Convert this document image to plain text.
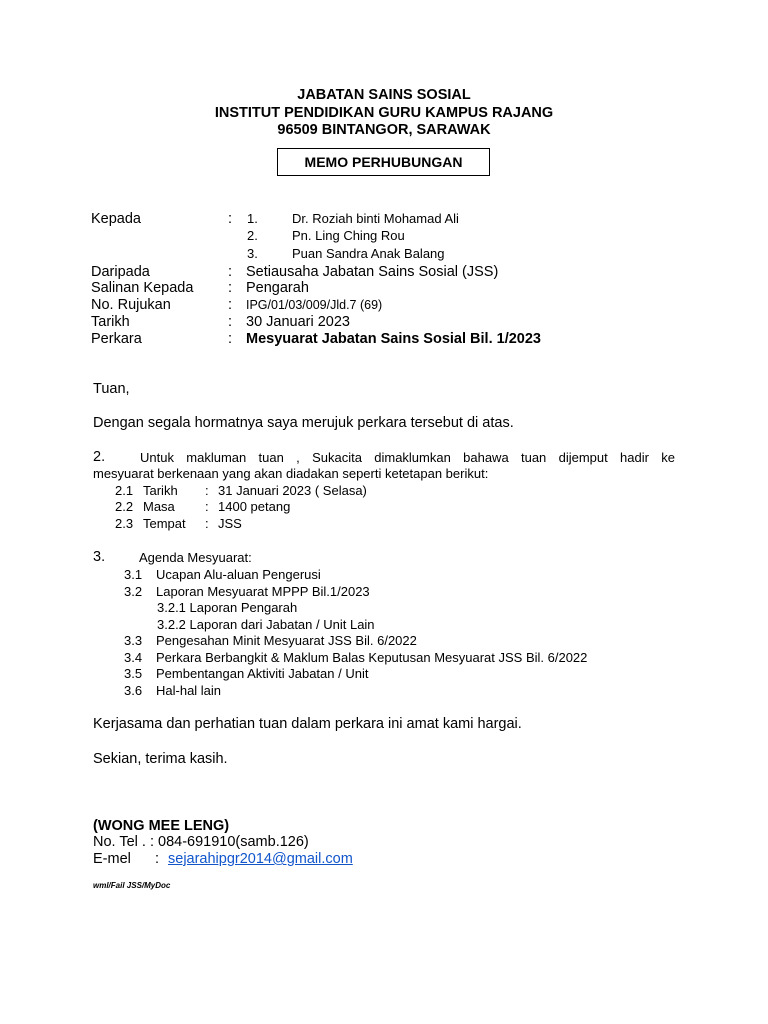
JABATAN SAINS SOSIAL
INSTITUT PENDIDIKAN GURU KAMPUS RAJANG
96509 BINTANGOR, SARAWAK
MEMO PERHUBUNGAN
Kepada	: 1.	Dr. Roziah binti Mohamad Ali
2.	Pn. Ling Ching Rou
3.	Puan Sandra Anak Balang
Daripada	: Setiausaha Jabatan Sains Sosial (JSS)
Salinan Kepada : Pengarah
No. Rujukan	: IPG/01/03/009/Jld.7 (69)
Tarikh	: 30 Januari 2023
Perkara	: Mesyuarat Jabatan Sains Sosial Bil. 1/2023
Tuan,
Dengan segala hormatnya saya merujuk perkara tersebut di atas.
2.	Untuk makluman tuan , Sukacita dimaklumkan bahawa tuan dijemput hadir ke
mesyuarat berkenaan yang akan diadakan seperti ketetapan berikut:
2.1 Tarikh : 31 Januari 2023 ( Selasa)
2.2 Masa : 1400 petang
2.3 Tempat : JSS
3.	Agenda Mesyuarat:
3.1 Ucapan Alu-aluan Pengerusi
3.2 Laporan Mesyuarat MPPP Bil.1/2023
3.2.1 Laporan Pengarah
3.2.2 Laporan dari Jabatan / Unit Lain
3.3 Pengesahan Minit Mesyuarat JSS Bil. 6/2022
3.4 Perkara Berbangkit & Maklum Balas Keputusan Mesyuarat JSS Bil. 6/2022
3.5 Pembentangan Aktiviti Jabatan / Unit
3.6 Hal-hal lain
Kerjasama dan perhatian tuan dalam perkara ini amat kami hargai.
Sekian, terima kasih.
(WONG MEE LENG)
No. Tel . : 084-691910(samb.126)
E-mel : sejarahipgr2014@gmail.com
wml/Fail JSS/MyDoc
